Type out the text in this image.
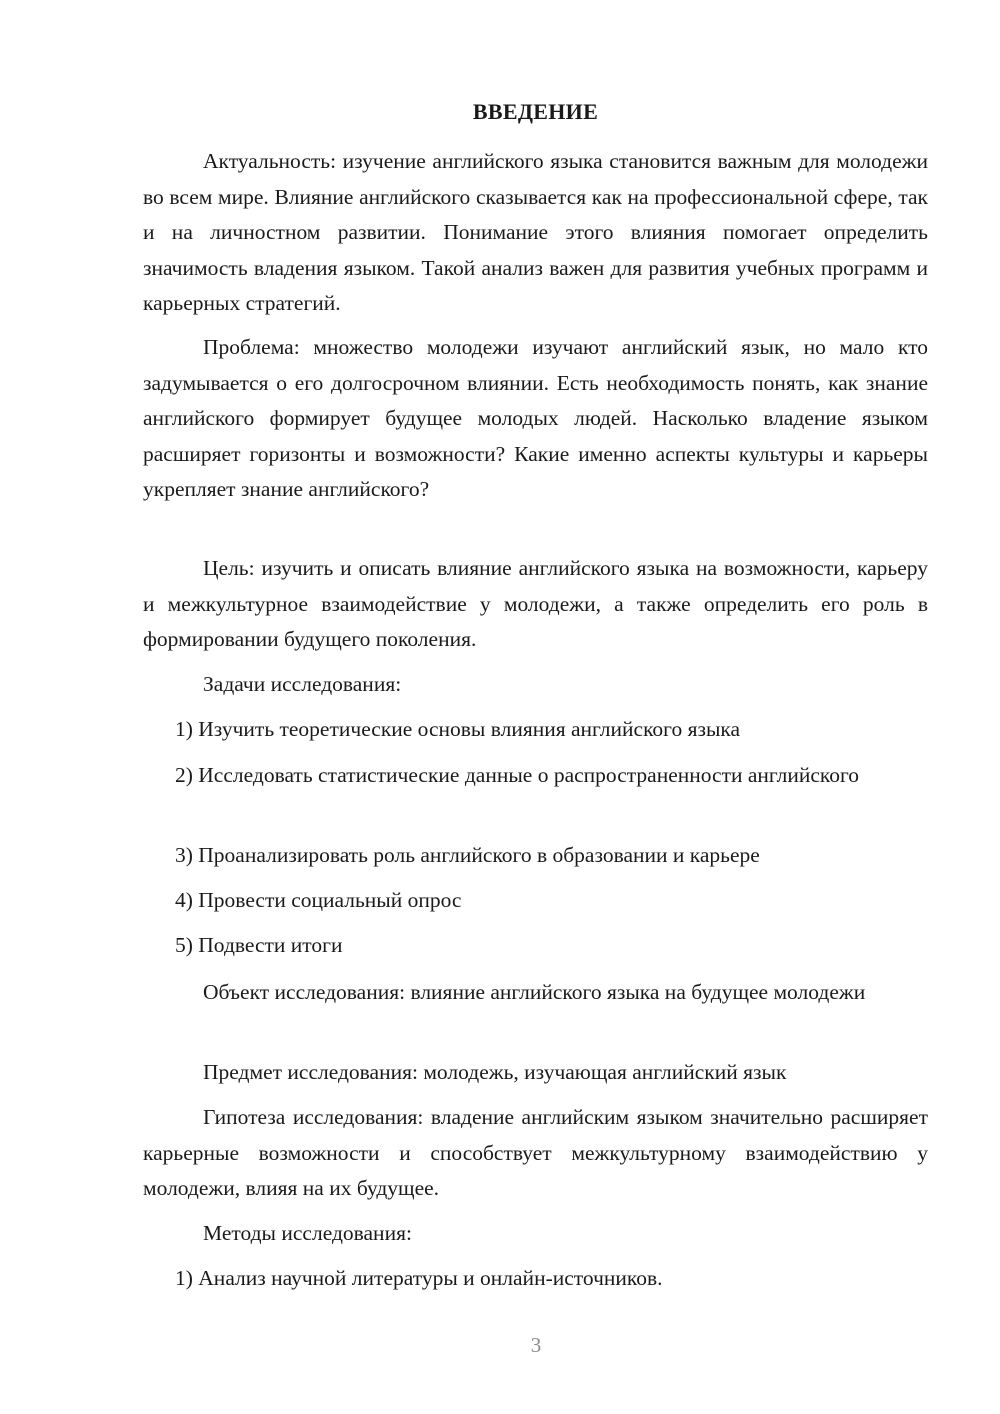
ВВЕДЕНИЕ

Актуальность: изучение английского языка становится важным для молодежи во всем мире. Влияние английского сказывается как на профессиональной сфере, так и на личностном развитии. Понимание этого влияния помогает определить значимость владения языком. Такой анализ важен для развития учебных программ и карьерных стратегий.

Проблема: множество молодежи изучают английский язык, но мало кто задумывается о его долгосрочном влиянии. Есть необходимость понять, как знание английского формирует будущее молодых людей. Насколько владение языком расширяет горизонты и возможности? Какие именно аспекты культуры и карьеры укрепляет знание английского?

Цель: изучить и описать влияние английского языка на возможности, карьеру и межкультурное взаимодействие у молодежи, а также определить его роль в формировании будущего поколения.

Задачи исследования:

1) Изучить теоретические основы влияния английского языка

2) Исследовать статистические данные о распространенности английского

3) Проанализировать роль английского в образовании и карьере

4) Провести социальный опрос

5) Подвести итоги

Объект исследования: влияние английского языка на будущее молодежи

Предмет исследования: молодежь, изучающая английский язык

Гипотеза исследования: владение английским языком значительно расширяет карьерные возможности и способствует межкультурному взаимодействию у молодежи, влияя на их будущее.

Методы исследования:

1) Анализ научной литературы и онлайн-источников.

3
